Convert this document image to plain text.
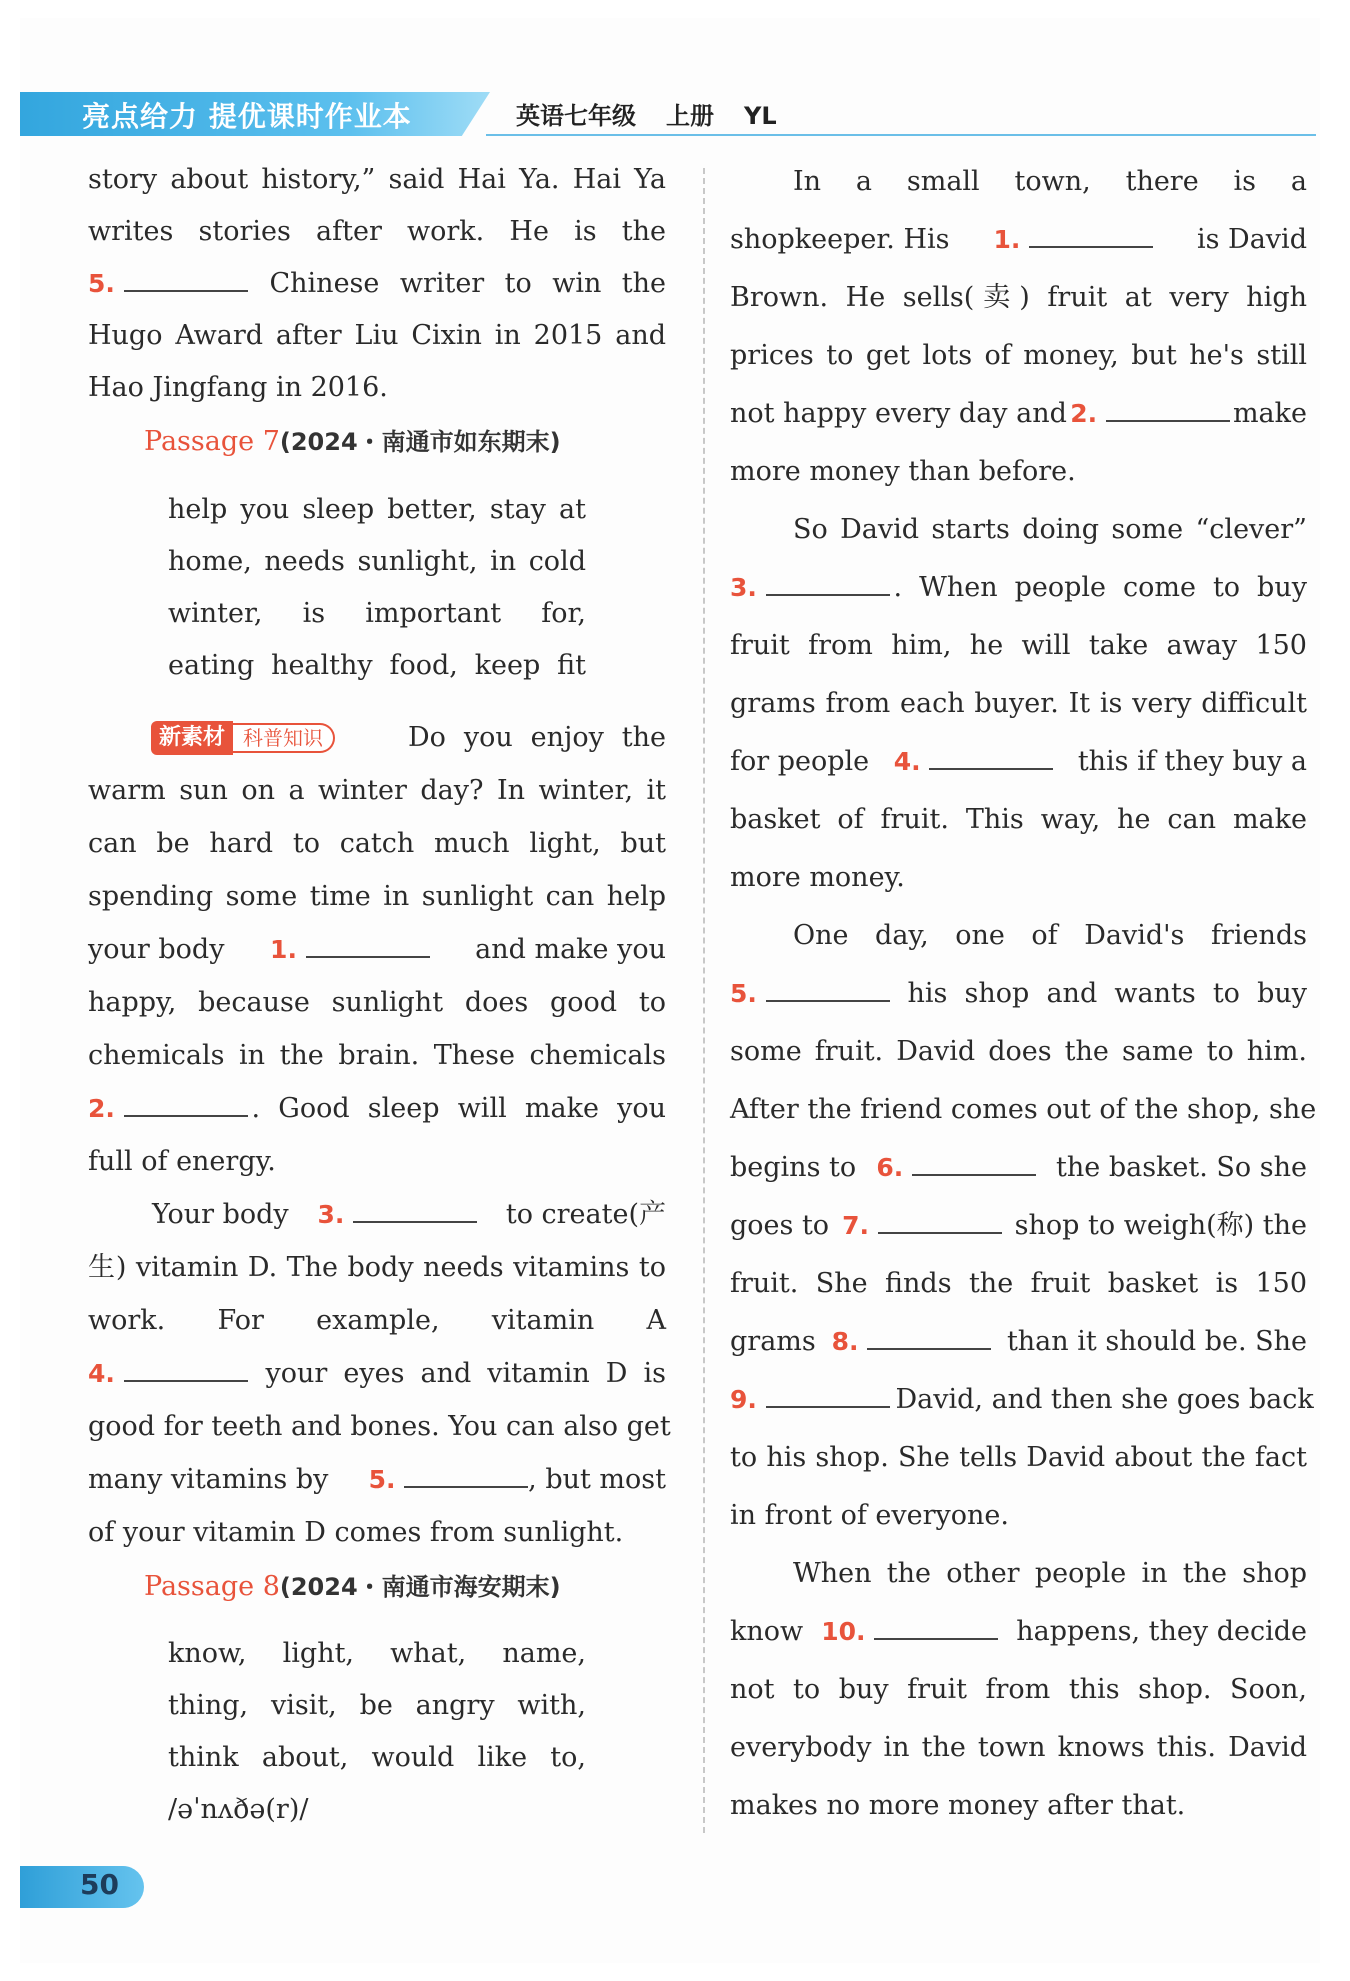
亮点给力 提优课时作业本	英语七年级 上册 YL
story about history,” said Hai Ya. Hai Ya
writes stories after work. He is the
5.	Chinese writer to win the
Hugo Award after Liu Cixin in 2015 and
Hao Jingfang in 2016.
Passage 7(2024・南通市如东期末)
help you sleep better, stay at
home, needs sunlight, in cold
winter, is important for,
eating healthy food, keep fit
新素材 科普知识	Do you enjoy the
warm sun on a winter day? In winter, it
can be hard to catch much light, but
spending some time in sunlight can help
your body 1.	and make you
happy, because sunlight does good to
chemicals in the brain. These chemicals
2.	. Good sleep will make you
full of energy.
Your body 3.	to create(产
生) vitamin D. The body needs vitamins to
work. For example, vitamin A
4.	your eyes and vitamin D is
good for teeth and bones. You can also get
many vitamins by 5.	, but most
of your vitamin D comes from sunlight.
Passage 8(2024・南通市海安期末)
know, light, what, name,
thing, visit, be angry with,
think about, would like to,
/əˈnʌðə(r)/
In a small town, there is a
shopkeeper. His 1.	is David
Brown. He sells(卖) fruit at very high
prices to get lots of money, but he's still
not happy every day and 2.	make
more money than before.
So David starts doing some “clever”
3.	. When people come to buy
fruit from him, he will take away 150
grams from each buyer. It is very difficult
for people 4.	this if they buy a
basket of fruit. This way, he can make
more money.
One day, one of David's friends
5.	his shop and wants to buy
some fruit. David does the same to him.
After the friend comes out of the shop, she
begins to 6.	the basket. So she
goes to 7.	shop to weigh(称) the
fruit. She finds the fruit basket is 150
grams 8.	than it should be. She
9.	David, and then she goes back
to his shop. She tells David about the fact
in front of everyone.
When the other people in the shop
know 10.	happens, they decide
not to buy fruit from this shop. Soon,
everybody in the town knows this. David
makes no more money after that.
50
